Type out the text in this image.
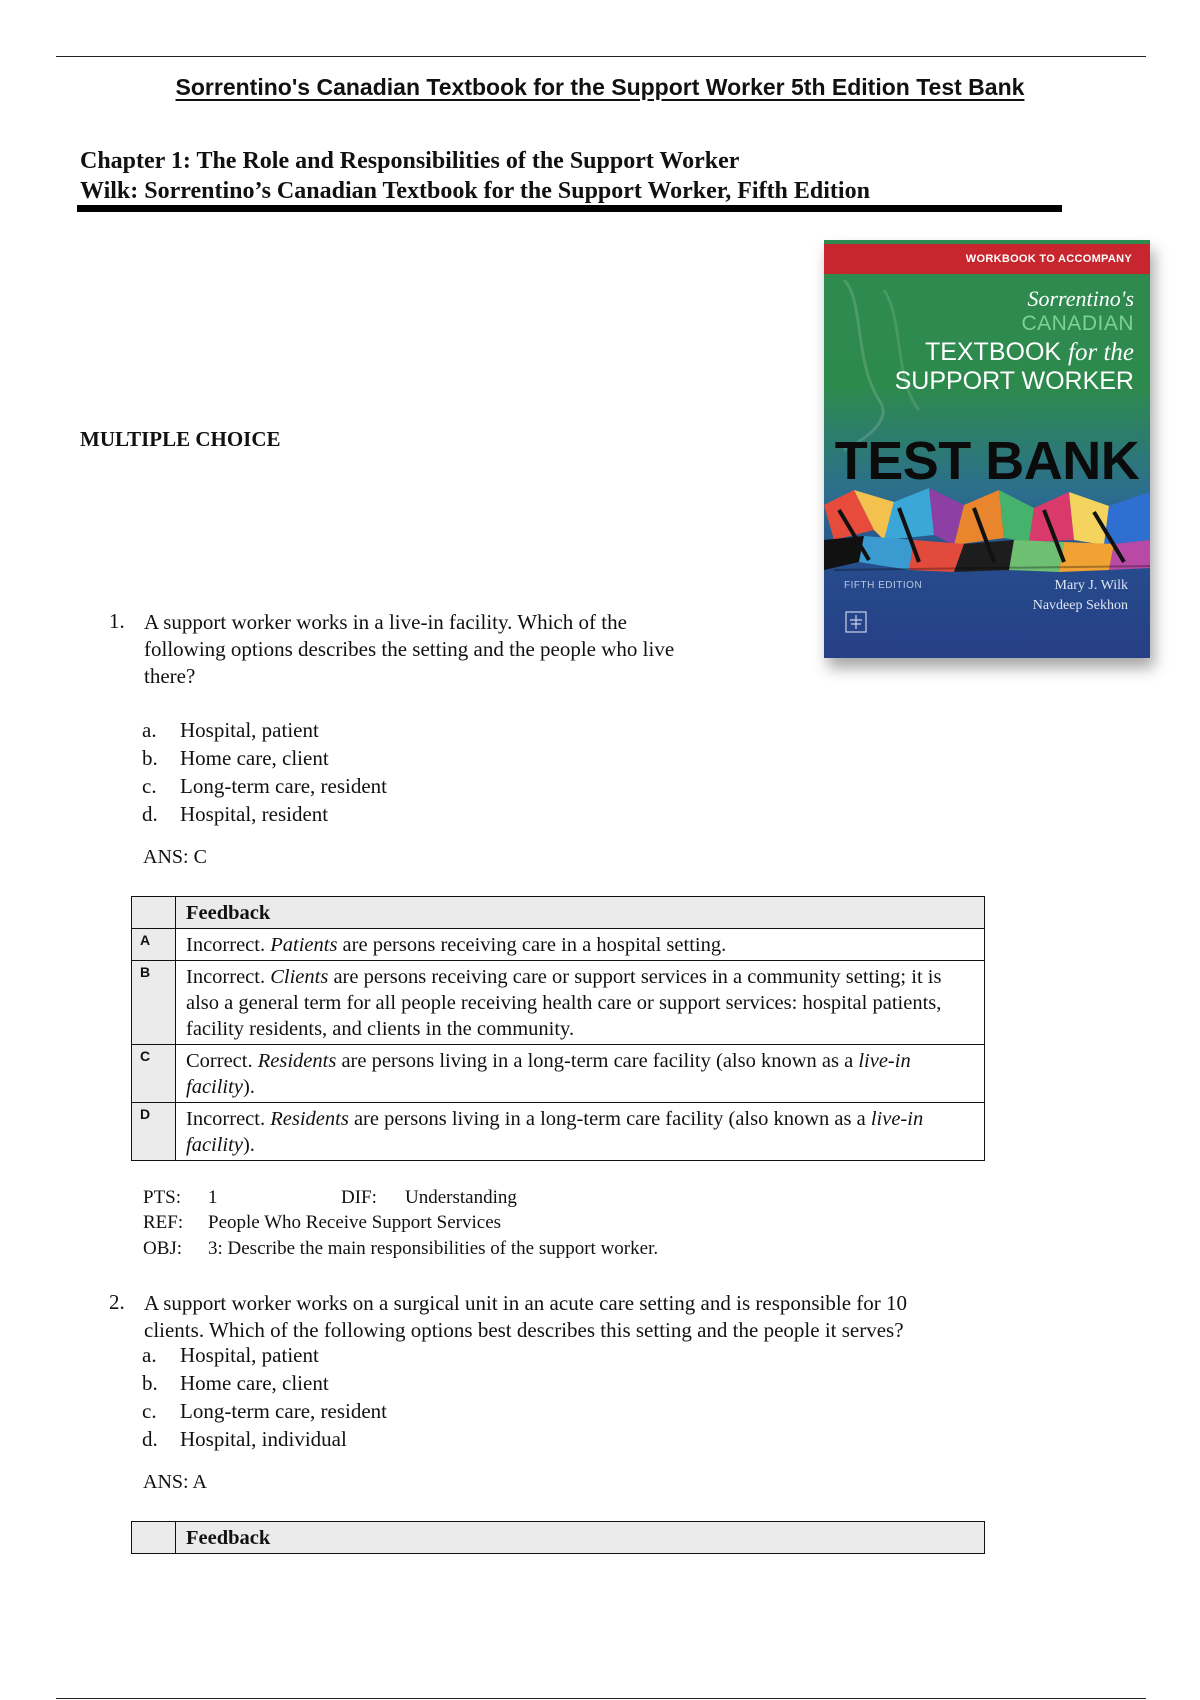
Sorrentino's Canadian Textbook for the Support Worker 5th Edition Test Bank
Chapter 1: The Role and Responsibilities of the Support Worker
Wilk: Sorrentino’s Canadian Textbook for the Support Worker, Fifth Edition
MULTIPLE CHOICE
WORKBOOK TO ACCOMPANY
Sorrentino's
CANADIAN
TEXTBOOK for the
SUPPORT WORKER
TEST BANK
FIFTH EDITION	Mary J. Wilk
Navdeep Sekhon
1. A support worker works in a live-in facility. Which of the
following options describes the setting and the people who live
there?
a. Hospital, patient
b. Home care, client
c. Long-term care, resident
d. Hospital, resident
ANS: C
	Feedback
A	Incorrect. Patients are persons receiving care in a hospital setting.
B	Incorrect. Clients are persons receiving care or support services in a community setting; it is also a general term for all people receiving health care or support services: hospital patients, facility residents, and clients in the community.
C	Correct. Residents are persons living in a long-term care facility (also known as a live-in facility).
D	Incorrect. Residents are persons living in a long-term care facility (also known as a live-in facility).
PTS: 1	DIF: Understanding
REF: People Who Receive Support Services
OBJ: 3: Describe the main responsibilities of the support worker.
2. A support worker works on a surgical unit in an acute care setting and is responsible for 10
clients. Which of the following options best describes this setting and the people it serves?
a. Hospital, patient
b. Home care, client
c. Long-term care, resident
d. Hospital, individual
ANS: A
	Feedback
